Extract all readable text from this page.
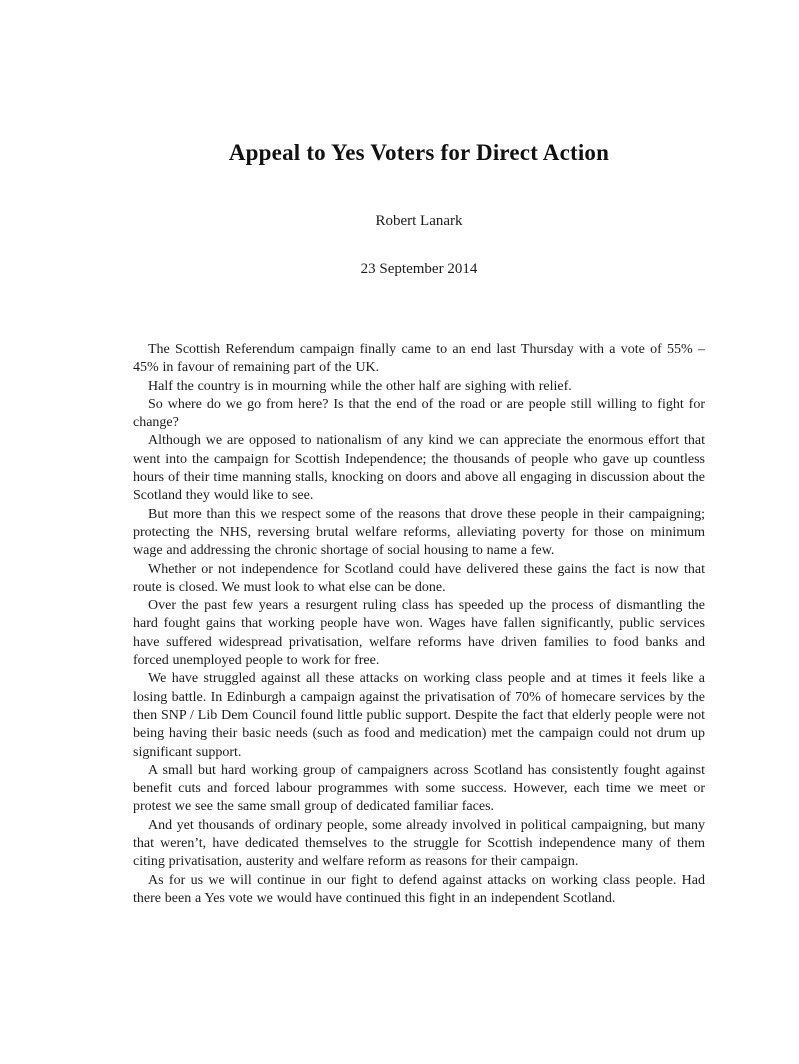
Appeal to Yes Voters for Direct Action
Robert Lanark
23 September 2014

The Scottish Referendum campaign finally came to an end last Thursday with a vote of 55% – 45% in favour of remaining part of the UK.

Half the country is in mourning while the other half are sighing with relief.

So where do we go from here? Is that the end of the road or are people still willing to fight for change?

Although we are opposed to nationalism of any kind we can appreciate the enormous effort that went into the campaign for Scottish Independence; the thousands of people who gave up countless hours of their time manning stalls, knocking on doors and above all engaging in discussion about the Scotland they would like to see.

But more than this we respect some of the reasons that drove these people in their campaigning; protecting the NHS, reversing brutal welfare reforms, alleviating poverty for those on minimum wage and addressing the chronic shortage of social housing to name a few.

Whether or not independence for Scotland could have delivered these gains the fact is now that route is closed. We must look to what else can be done.

Over the past few years a resurgent ruling class has speeded up the process of dismantling the hard fought gains that working people have won. Wages have fallen significantly, public services have suffered widespread privatisation, welfare reforms have driven families to food banks and forced unemployed people to work for free.

We have struggled against all these attacks on working class people and at times it feels like a losing battle. In Edinburgh a campaign against the privatisation of 70% of homecare services by the then SNP / Lib Dem Council found little public support. Despite the fact that elderly people were not being having their basic needs (such as food and medication) met the campaign could not drum up significant support.

A small but hard working group of campaigners across Scotland has consistently fought against benefit cuts and forced labour programmes with some success. However, each time we meet or protest we see the same small group of dedicated familiar faces.

And yet thousands of ordinary people, some already involved in political campaigning, but many that weren’t, have dedicated themselves to the struggle for Scottish independence many of them citing privatisation, austerity and welfare reform as reasons for their campaign.

As for us we will continue in our fight to defend against attacks on working class people. Had there been a Yes vote we would have continued this fight in an independent Scotland.
